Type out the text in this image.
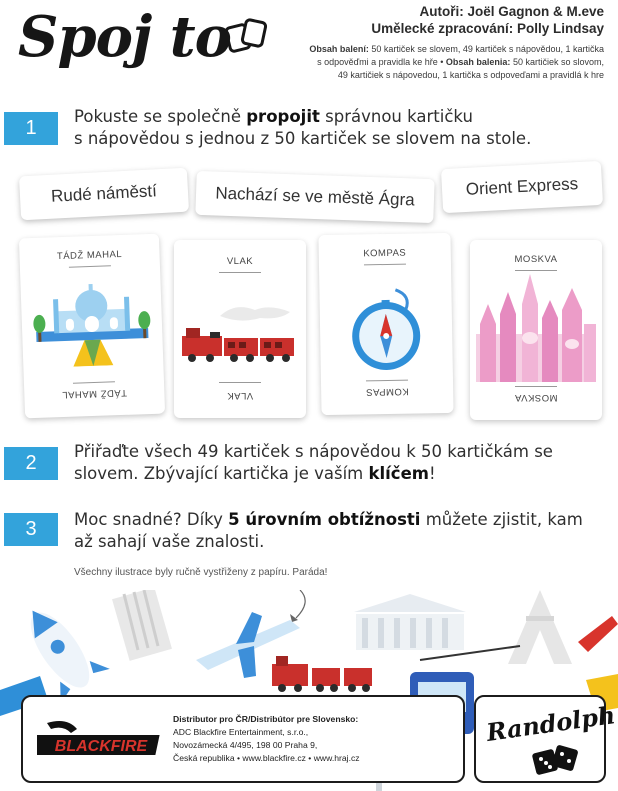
Spoj to	Autoři: Joël Gagnon & M.eve
Umělecké zpracování: Polly Lindsay
Obsah balení: 50 kartiček se slovem, 49 kartiček s nápovědou, 1 kartička
s odpověďmi a pravidla ke hře • Obsah balenia: 50 kartičiek so slovom,
49 kartičiek s nápovedou, 1 kartička s odpoveďami a pravidlá k hre
1
Pokuste se společně propojit správnou kartičku
s nápovědou s jednou z 50 kartiček se slovem na stole.
Rudé náměstí	Nachází se ve městě Ágra	Orient Express
TÁDŽ MAHAL
TÁDŽ MAHAL
VLAK
VLAK
KOMPAS
KOMPAS
MOSKVA
MOSKVA
2
Přiřaďte všech 49 kartiček s nápovědou k 50 kartičkám se
slovem. Zbývající kartička je vaším klíčem!
3	Moc snadné? Díky 5 úrovním obtížnosti můžete zjistit, kam
až sahají vaše znalosti.
Všechny ilustrace byly ručně vystřiženy z papíru. Paráda!
BLACKFIRE
Distributor pro ČR/Distribútor pre Slovensko:
ADC Blackfire Entertainment, s.r.o.,
Novozámecká 4/495, 198 00 Praha 9,
Česká republika • www.blackfire.cz • www.hraj.cz
Randolph
